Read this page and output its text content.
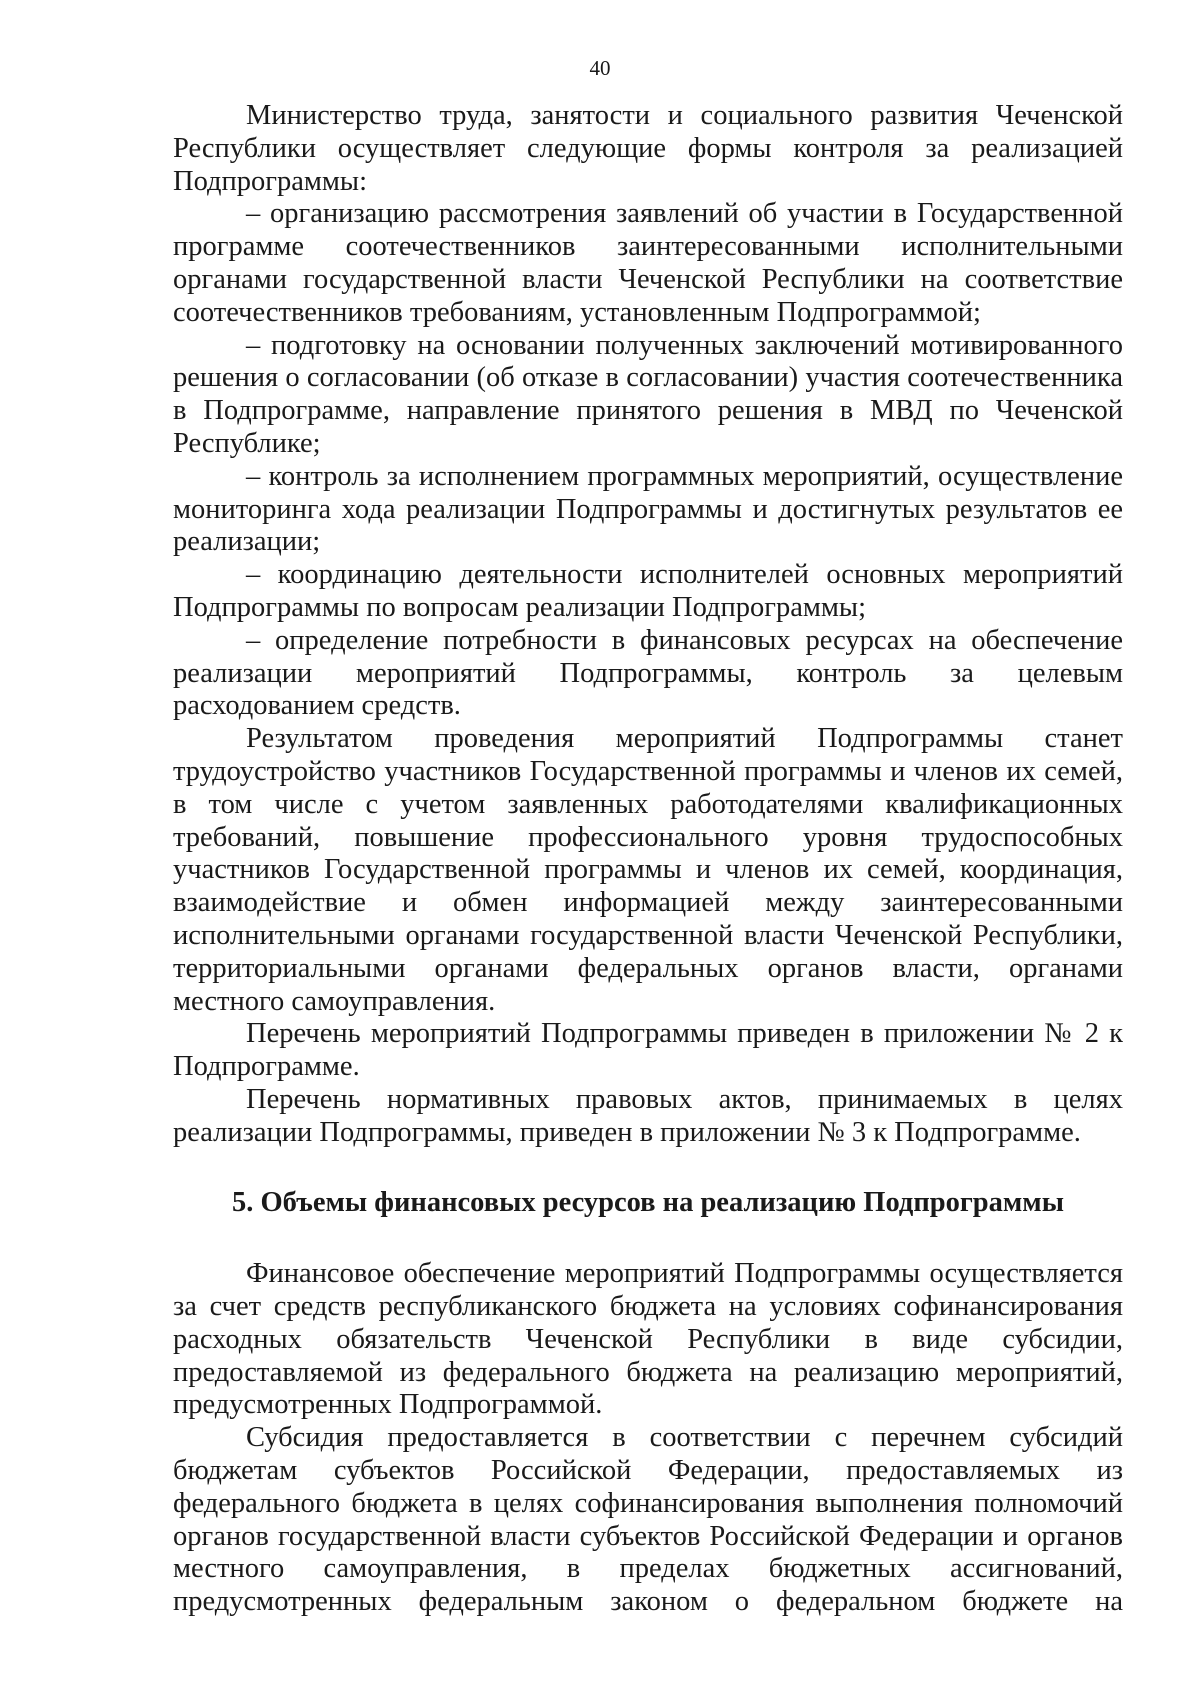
40

Министерство труда, занятости и социального развития Чеченской Республики осуществляет следующие формы контроля за реализацией Подпрограммы:

– организацию рассмотрения заявлений об участии в Государственной программе соотечественников заинтересованными исполнительными органами государственной власти Чеченской Республики на соответствие соотечественников требованиям, установленным Подпрограммой;

– подготовку на основании полученных заключений мотивированного решения о согласовании (об отказе в согласовании) участия соотечественника в Подпрограмме, направление принятого решения в МВД по Чеченской Республике;

– контроль за исполнением программных мероприятий, осуществление мониторинга хода реализации Подпрограммы и достигнутых результатов ее реализации;

– координацию деятельности исполнителей основных мероприятий Подпрограммы по вопросам реализации Подпрограммы;

– определение потребности в финансовых ресурсах на обеспечение реализации мероприятий Подпрограммы, контроль за целевым расходованием средств.

Результатом проведения мероприятий Подпрограммы станет трудоустройство участников Государственной программы и членов их семей, в том числе с учетом заявленных работодателями квалификационных требований, повышение профессионального уровня трудоспособных участников Государственной программы и членов их семей, координация, взаимодействие и обмен информацией между заинтересованными исполнительными органами государственной власти Чеченской Республики, территориальными органами федеральных органов власти, органами местного самоуправления.

Перечень мероприятий Подпрограммы приведен в приложении № 2 к Подпрограмме.

Перечень нормативных правовых актов, принимаемых в целях реализации Подпрограммы, приведен в приложении № 3 к Подпрограмме.

5. Объемы финансовых ресурсов на реализацию Подпрограммы

Финансовое обеспечение мероприятий Подпрограммы осуществляется за счет средств республиканского бюджета на условиях софинансирования расходных обязательств Чеченской Республики в виде субсидии, предоставляемой из федерального бюджета на реализацию мероприятий, предусмотренных Подпрограммой.

Субсидия предоставляется в соответствии с перечнем субсидий бюджетам субъектов Российской Федерации, предоставляемых из федерального бюджета в целях софинансирования выполнения полномочий органов государственной власти субъектов Российской Федерации и органов местного самоуправления, в пределах бюджетных ассигнований, предусмотренных федеральным законом о федеральном бюджете на
